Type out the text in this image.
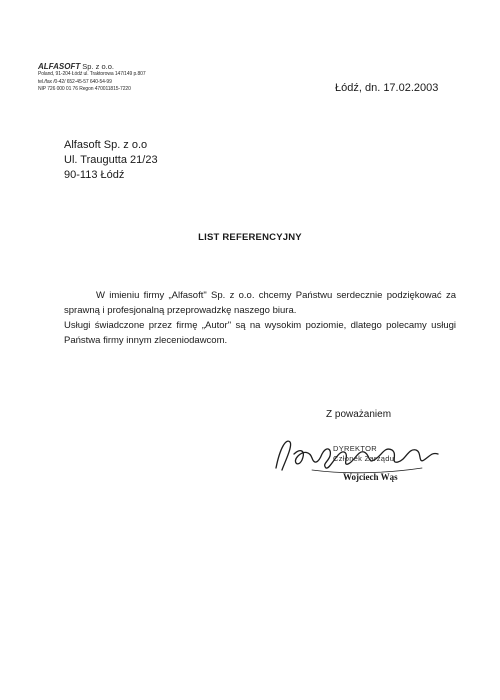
ALFASOFT Sp. z o.o.
Poland, 91-204 Łódź ul. Traktorowa 147/149 p.807
tel./fax /0-42/ 652-45-57 640-54-99
NIP 726 000 01 76 Regon 470011815-7220	Łódź, dn. 17.02.2003
Alfasoft Sp. z o.o
Ul. Traugutta 21/23
90-113 Łódź
LIST REFERENCYJNY

W imieniu firmy „Alfasoft" Sp. z o.o. chcemy Państwu serdecznie podziękować za sprawną i profesjonalną przeprowadzkę naszego biura.

Usługi świadczone przez firmę „Autor" są na wysokim poziomie, dlatego polecamy usługi Państwa firmy innym zleceniodawcom.

Z poważaniem
DYREKTOR
Członek Zarządu
Wojciech Wąs
